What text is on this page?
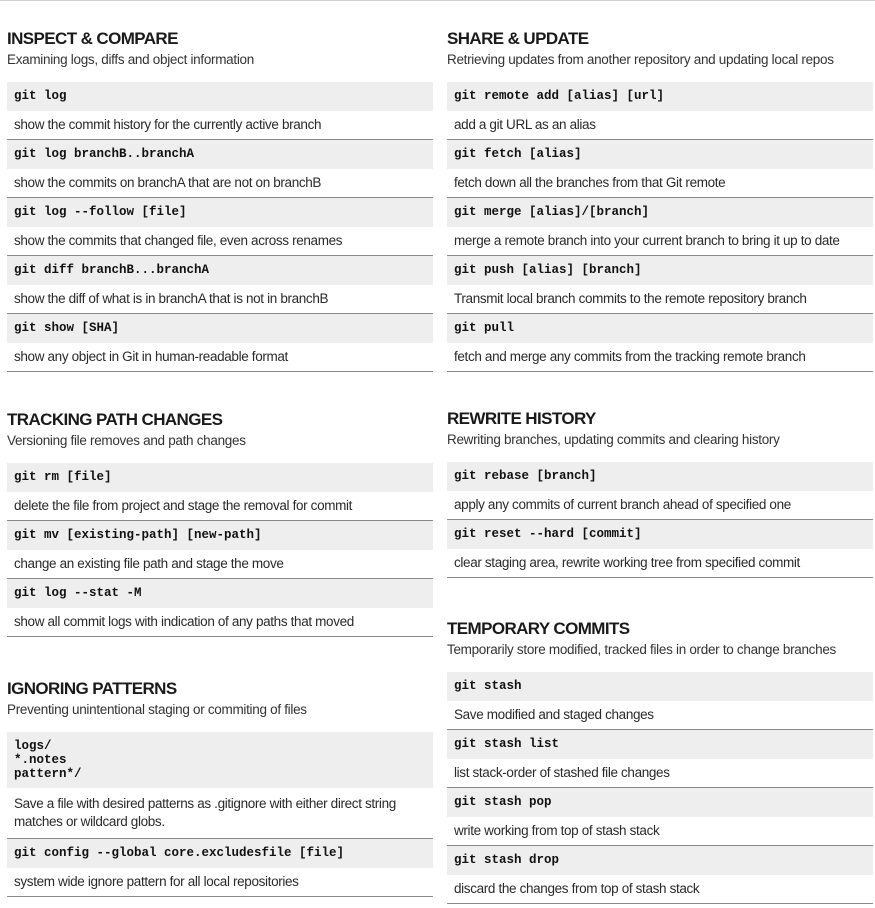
INSPECT & COMPARE
Examining logs, diffs and object information
git log
show the commit history for the currently active branch
git log branchB..branchA
show the commits on branchA that are not on branchB
git log --follow [file]
show the commits that changed file, even across renames
git diff branchB...branchA
show the diff of what is in branchA that is not in branchB
git show [SHA]
show any object in Git in human-readable format
TRACKING PATH CHANGES
Versioning file removes and path changes
git rm [file]
delete the file from project and stage the removal for commit
git mv [existing-path] [new-path]
change an existing file path and stage the move
git log --stat -M
show all commit logs with indication of any paths that moved
IGNORING PATTERNS
Preventing unintentional staging or commiting of files
logs/
*.notes
pattern*/
Save a file with desired patterns as .gitignore with either direct string matches or wildcard globs.
git config --global core.excludesfile [file]
system wide ignore pattern for all local repositories
SHARE & UPDATE
Retrieving updates from another repository and updating local repos
git remote add [alias] [url]
add a git URL as an alias
git fetch [alias]
fetch down all the branches from that Git remote
git merge [alias]/[branch]
merge a remote branch into your current branch to bring it up to date
git push [alias] [branch]
Transmit local branch commits to the remote repository branch
git pull
fetch and merge any commits from the tracking remote branch
REWRITE HISTORY
Rewriting branches, updating commits and clearing history
git rebase [branch]
apply any commits of current branch ahead of specified one
git reset --hard [commit]
clear staging area, rewrite working tree from specified commit
TEMPORARY COMMITS
Temporarily store modified, tracked files in order to change branches
git stash
Save modified and staged changes
git stash list
list stack-order of stashed file changes
git stash pop
write working from top of stash stack
git stash drop
discard the changes from top of stash stack
